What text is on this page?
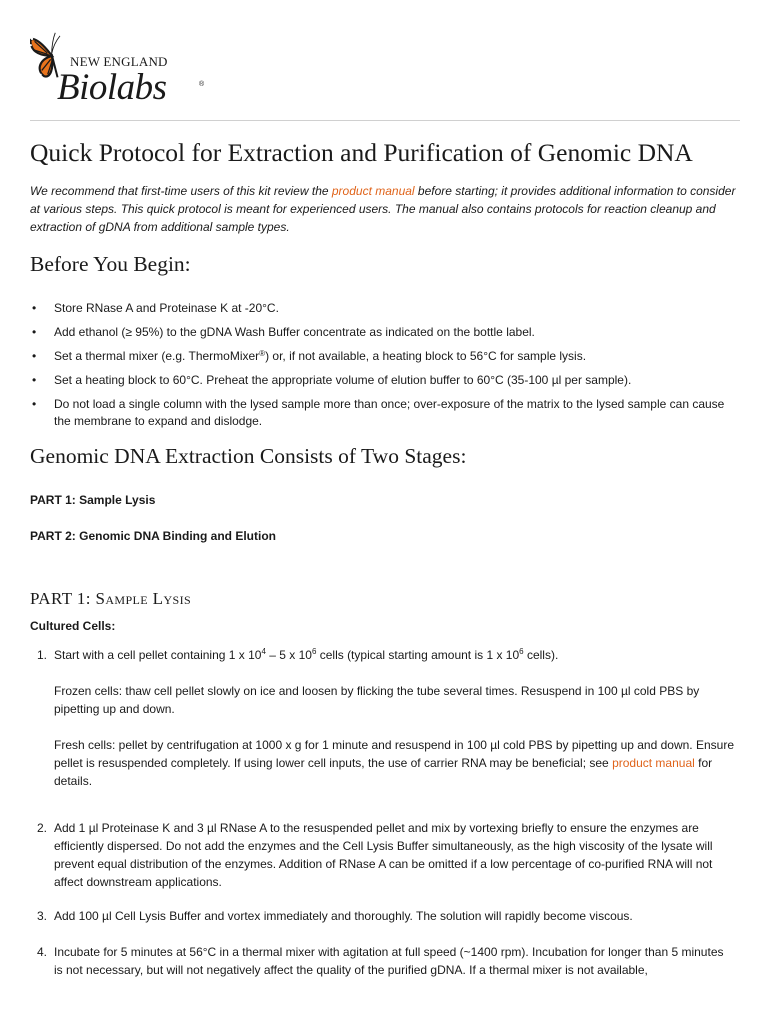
NEW ENGLAND
Biolabs	®
Quick Protocol for Extraction and Purification of Genomic DNA

We recommend that first-time users of this kit review the product manual before starting; it provides additional information to consider at various steps. This quick protocol is meant for experienced users. The manual also contains protocols for reaction cleanup and extraction of gDNA from additional sample types.

Before You Begin:
• Store RNase A and Proteinase K at -20°C.
• Add ethanol (≥ 95%) to the gDNA Wash Buffer concentrate as indicated on the bottle label.
• Set a thermal mixer (e.g. ThermoMixer®) or, if not available, a heating block to 56°C for sample lysis.
• Set a heating block to 60°C. Preheat the appropriate volume of elution buffer to 60°C (35-100 µl per sample).
• Do not load a single column with the lysed sample more than once; over-exposure of the matrix to the lysed sample can cause the membrane to expand and dislodge.
Genomic DNA Extraction Consists of Two Stages:

PART 1: Sample Lysis

PART 2: Genomic DNA Binding and Elution

PART 1: Sample Lysis

Cultured Cells:

1. Start with a cell pellet containing 1 x $10^4 - 5$ x $10^6$ cells (typical starting amount is 1 x $10^6$ cells).

Frozen cells: thaw cell pellet slowly on ice and loosen by flicking the tube several times. Resuspend in 100 µl cold PBS by pipetting up and down.

Fresh cells: pellet by centrifugation at 1000 x g for 1 minute and resuspend in 100 µl cold PBS by pipetting up and down. Ensure pellet is resuspended completely. If using lower cell inputs, the use of carrier RNA may be beneficial; see product manual for details.

2. Add 1 µl Proteinase K and 3 µl RNase A to the resuspended pellet and mix by vortexing briefly to ensure the enzymes are efficiently dispersed. Do not add the enzymes and the Cell Lysis Buffer simultaneously, as the high viscosity of the lysate will prevent equal distribution of the enzymes. Addition of RNase A can be omitted if a low percentage of co-purified RNA will not affect downstream applications.
3. Add 100 µl Cell Lysis Buffer and vortex immediately and thoroughly. The solution will rapidly become viscous.
4. Incubate for 5 minutes at 56°C in a thermal mixer with agitation at full speed (~1400 rpm). Incubation for longer than 5 minutes is not necessary, but will not negatively affect the quality of the purified gDNA. If a thermal mixer is not available,
